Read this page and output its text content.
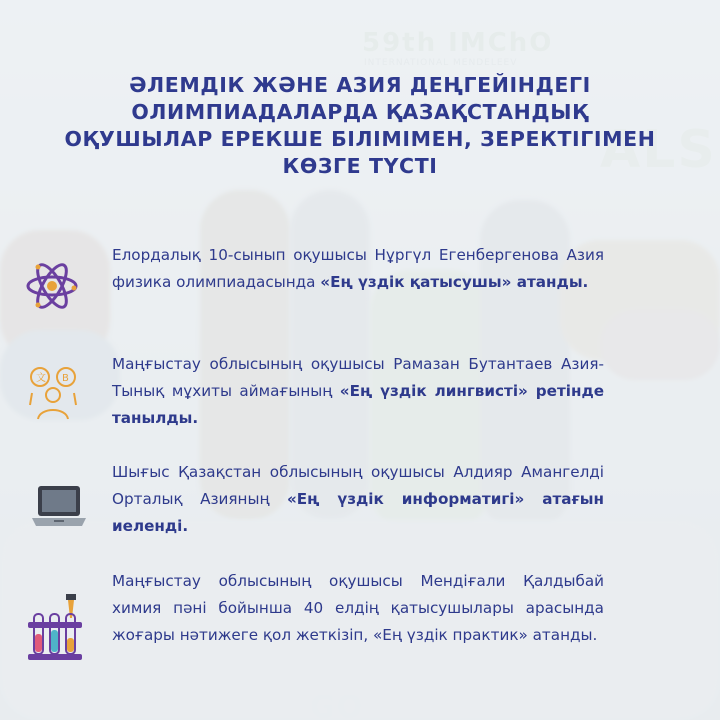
ӘЛЕМДІК ЖӘНЕ АЗИЯ ДЕҢГЕЙІНДЕГІ ОЛИМПИАДАЛАРДА ҚАЗАҚСТАНДЫҚ ОҚУШЫЛАР ЕРЕКШЕ БІЛІМІМЕН, ЗЕРЕКТІГІМЕН КӨЗГЕ ТҮСТІ

Елордалық 10-сынып оқушысы Нұргүл Егенбергенова Азия физика олимпиадасында «Ең үздік қатысушы» атанды.

文 B

Маңғыстау облысының оқушысы Рамазан Бутантаев Азия-Тынық мұхиты аймағының «Ең үздік лингвисті» ретінде танылды.

Шығыс Қазақстан облысының оқушысы Алдияр Амангелді Орталық Азияның «Ең үздік информатигі» атағын иеленді.

Маңғыстау облысының оқушысы Мендіғали Қалдыбай химия пәні бойынша 40 елдің қатысушылары арасында жоғары нәтижеге қол жеткізіп, «Ең үздік практик» атанды.
